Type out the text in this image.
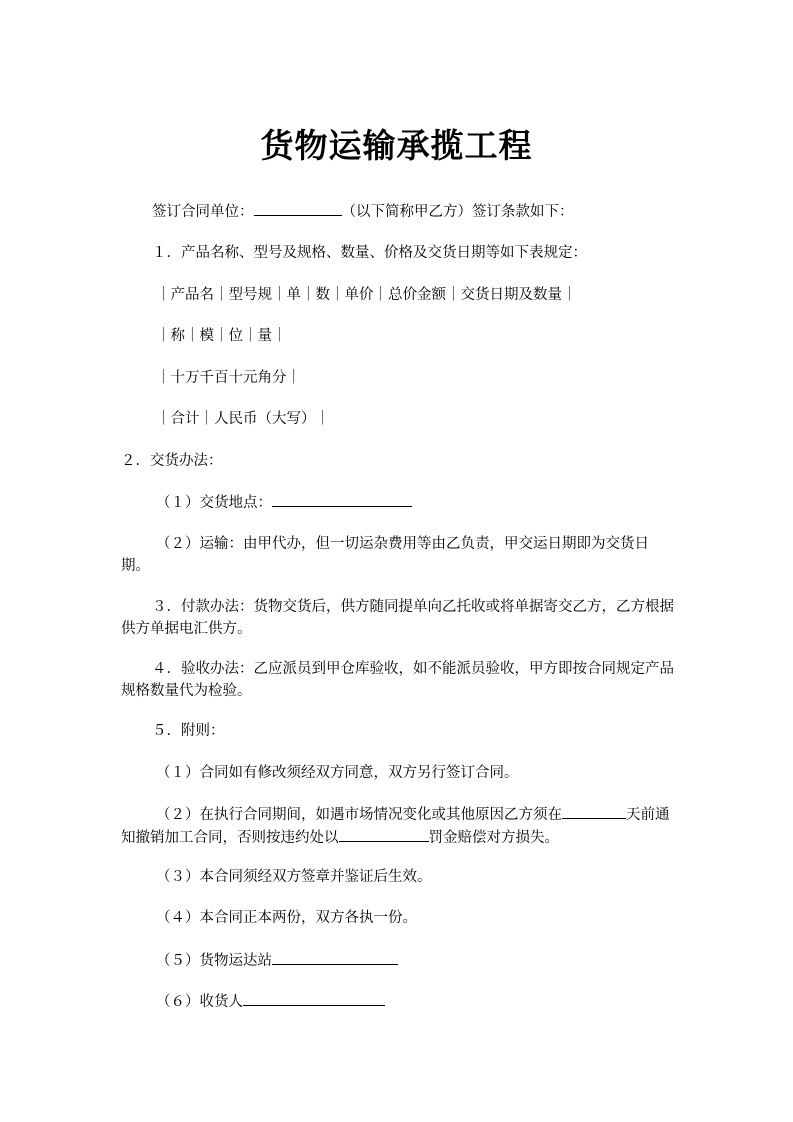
货物运输承揽工程
签订合同单位：	（以下简称甲乙方）签订条款如下：
１．产品名称、型号及规格、数量、价格及交货日期等如下表规定：
｜产品名｜型号规｜单｜数｜单价｜总价金额｜交货日期及数量｜
｜称｜模｜位｜量｜
｜十万千百十元角分｜
｜合计｜人民币（大写）｜
２．交货办法：
（１）交货地点：
（２）运输：由甲代办，但一切运杂费用等由乙负责，甲交运日期即为交货日期。
３．付款办法：货物交货后，供方随同提单向乙托收或将单据寄交乙方，乙方根据供方单据电汇供方。
４．验收办法：乙应派员到甲仓库验收，如不能派员验收，甲方即按合同规定产品规格数量代为检验。
５．附则：
（１）合同如有修改须经双方同意，双方另行签订合同。
（２）在执行合同期间，如遇市场情况变化或其他原因乙方须在	天前通知撤销加工合同，否则按违约处以	罚金赔偿对方损失。
（３）本合同须经双方签章并鉴证后生效。
（４）本合同正本两份，双方各执一份。
（５）货物运达站
（６）收货人
